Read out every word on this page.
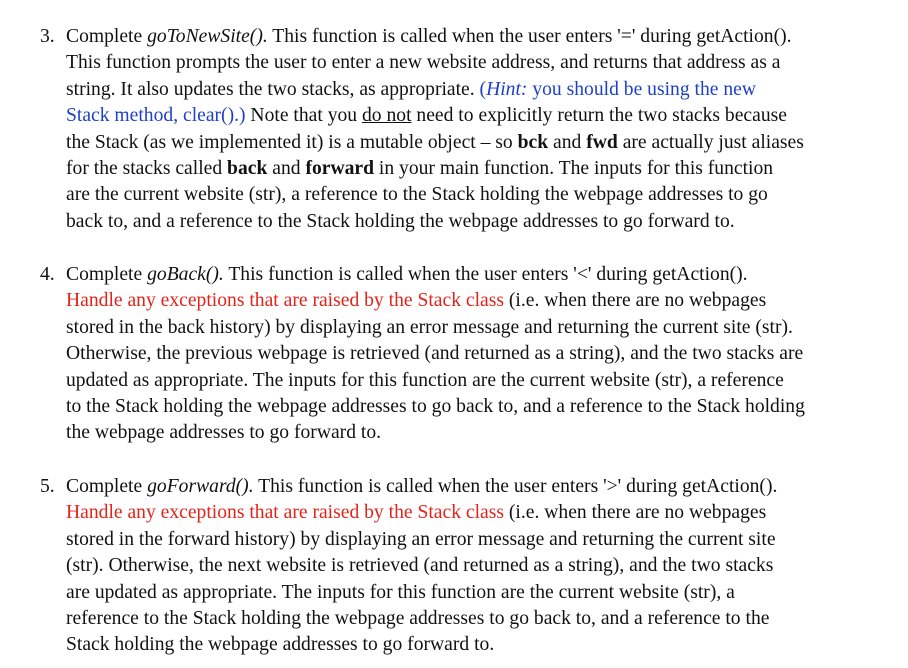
3. Complete goToNewSite(). This function is called when the user enters '=' during getAction().
This function prompts the user to enter a new website address, and returns that address as a
string. It also updates the two stacks, as appropriate. (Hint: you should be using the new
Stack method, clear().) Note that you do not need to explicitly return the two stacks because
the Stack (as we implemented it) is a mutable object – so bck and fwd are actually just aliases
for the stacks called back and forward in your main function. The inputs for this function
are the current website (str), a reference to the Stack holding the webpage addresses to go
back to, and a reference to the Stack holding the webpage addresses to go forward to.
4. Complete goBack(). This function is called when the user enters '<' during getAction().
Handle any exceptions that are raised by the Stack class (i.e. when there are no webpages
stored in the back history) by displaying an error message and returning the current site (str).
Otherwise, the previous webpage is retrieved (and returned as a string), and the two stacks are
updated as appropriate. The inputs for this function are the current website (str), a reference
to the Stack holding the webpage addresses to go back to, and a reference to the Stack holding
the webpage addresses to go forward to.
5. Complete goForward(). This function is called when the user enters '>' during getAction().
Handle any exceptions that are raised by the Stack class (i.e. when there are no webpages
stored in the forward history) by displaying an error message and returning the current site
(str). Otherwise, the next website is retrieved (and returned as a string), and the two stacks
are updated as appropriate. The inputs for this function are the current website (str), a
reference to the Stack holding the webpage addresses to go back to, and a reference to the
Stack holding the webpage addresses to go forward to.
